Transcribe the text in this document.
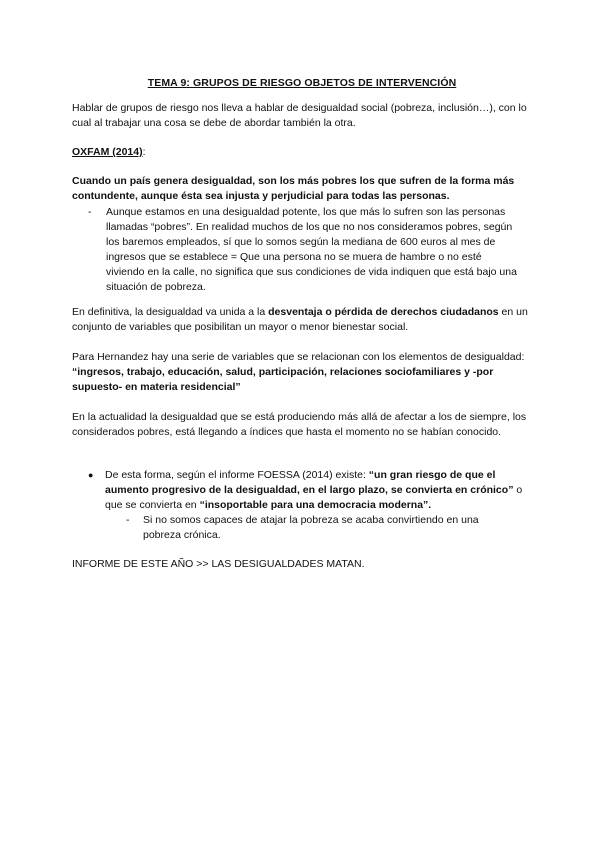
TEMA 9: GRUPOS DE RIESGO OBJETOS DE INTERVENCIÓN

Hablar de grupos de riesgo nos lleva a hablar de desigualdad social (pobreza, inclusión…), con lo cual al trabajar una cosa se debe de abordar también la otra.

OXFAM (2014):

Cuando un país genera desigualdad, son los más pobres los que sufren de la forma más contundente, aunque ésta sea injusta y perjudicial para todas las personas.

-	Aunque estamos en una desigualdad potente, los que más lo sufren son las personas llamadas “pobres”. En realidad muchos de los que no nos consideramos pobres, según los baremos empleados, sí que lo somos según la mediana de 600 euros al mes de ingresos que se establece = Que una persona no se muera de hambre o no esté viviendo en la calle, no significa que sus condiciones de vida indiquen que está bajo una situación de pobreza.

En definitiva, la desigualdad va unida a la desventaja o pérdida de derechos ciudadanos en un conjunto de variables que posibilitan un mayor o menor bienestar social.

Para Hernandez hay una serie de variables que se relacionan con los elementos de desigualdad: “ingresos, trabajo, educación, salud, participación, relaciones sociofamiliares y -por supuesto- en materia residencial”

En la actualidad la desigualdad que se está produciendo más allá de afectar a los de siempre, los considerados pobres, está llegando a índices que hasta el momento no se habían conocido.

● De esta forma, según el informe FOESSA (2014) existe: “un gran riesgo de que el aumento progresivo de la desigualdad, en el largo plazo, se convierta en crónico” o que se convierta en “insoportable para una democracia moderna”.

- Si no somos capaces de atajar la pobreza se acaba convirtiendo en una pobreza crónica.

INFORME DE ESTE AÑO >> LAS DESIGUALDADES MATAN.
